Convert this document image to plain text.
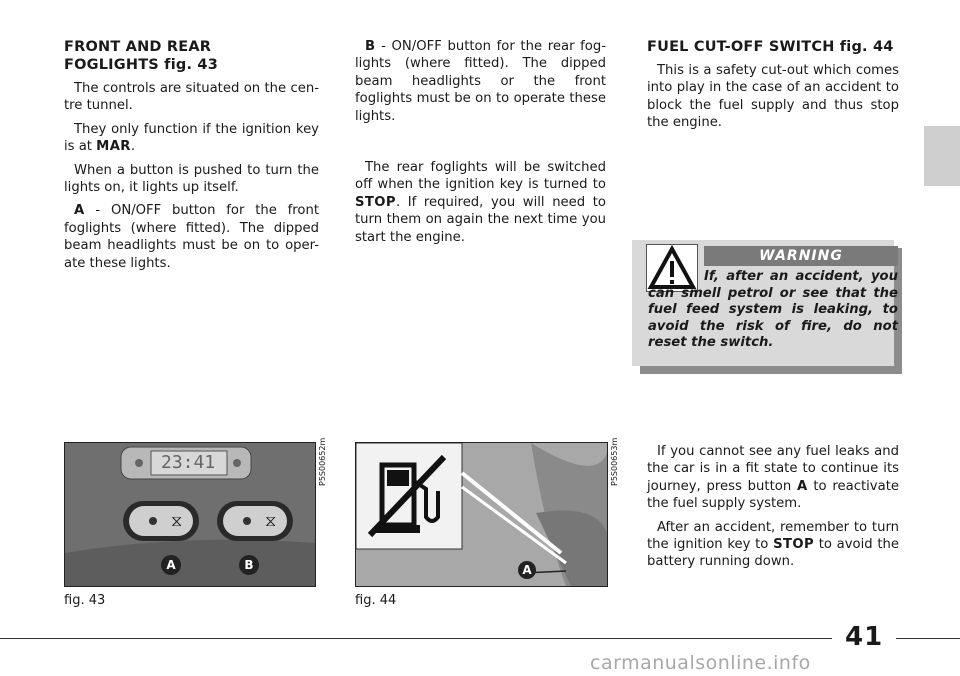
FRONT AND REAR
FOGLIGHTS fig. 43

The controls are situated on the cen-tre tunnel.

They only function if the ignition key is at MAR.

When a button is pushed to turn the lights on, it lights up itself.

A - ON/OFF button for the front foglights (where fitted). The dipped beam headlights must be on to oper-ate these lights.

B - ON/OFF button for the rear fog-lights (where fitted). The dipped beam headlights or the front foglights must be on to operate these lights.

The rear foglights will be switched off when the ignition key is turned to STOP. If required, you will need to turn them on again the next time you start the engine.

FUEL CUT-OFF SWITCH fig. 44

This is a safety cut-out which comes into play in the case of an accident to block the fuel supply and thus stop the engine.

If you cannot see any fuel leaks and the car is in a fit state to continue its journey, press button A to reactivate the fuel supply system.

After an accident, remember to turn the ignition key to STOP to avoid the battery running down.

WARNING
If, after an accident, you can smell petrol or see that the fuel feed system is leaking, to avoid the risk of fire, do not reset the switch.
23:41
⧖	⧖
A	B
P5S00652m
fig. 43
A
P5S00653m
fig. 44
41
carmanualsonline.info
